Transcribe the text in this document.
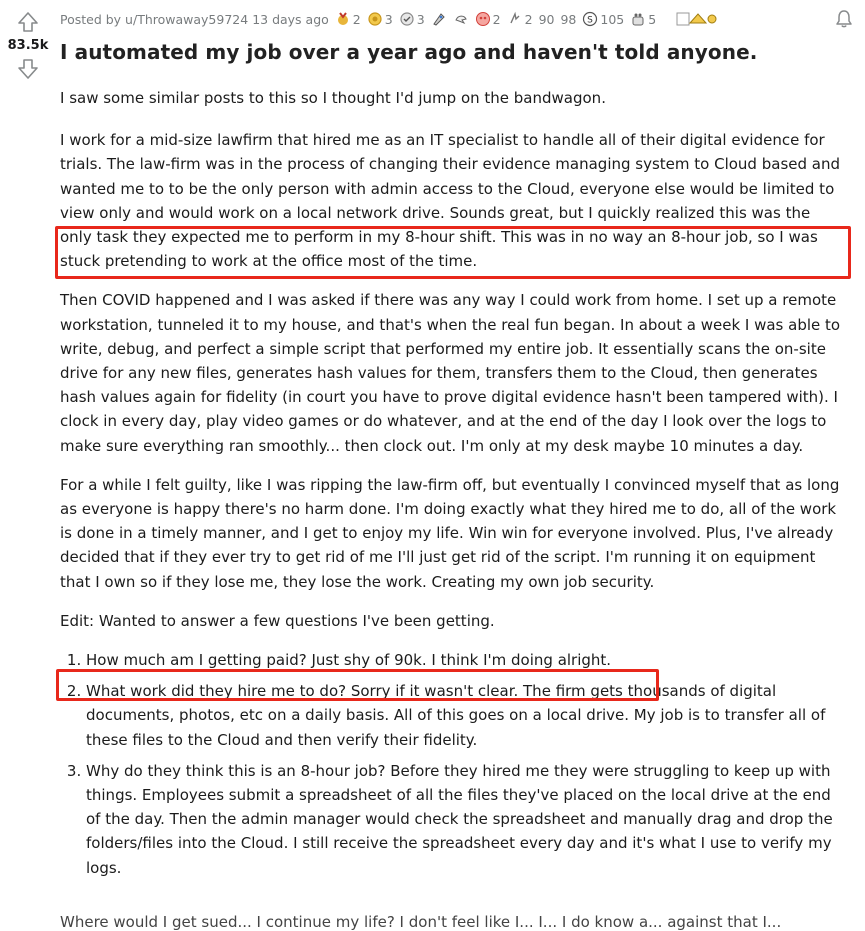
83.5k
Posted by u/Throwaway59724 13 days ago 2 3 3	2 2 90 98 S 105 5
I automated my job over a year ago and haven't told anyone.

I saw some similar posts to this so I thought I'd jump on the bandwagon.

I work for a mid-size lawfirm that hired me as an IT specialist to handle all of their digital evidence for trials. The law-firm was in the process of changing their evidence managing system to Cloud based and wanted me to to be the only person with admin access to the Cloud, everyone else would be limited to view only and would work on a local network drive. Sounds great, but I quickly realized this was the only task they expected me to perform in my 8-hour shift. This was in no way an 8-hour job, so I was stuck pretending to work at the office most of the time.

Then COVID happened and I was asked if there was any way I could work from home. I set up a remote workstation, tunneled it to my house, and that's when the real fun began. In about a week I was able to write, debug, and perfect a simple script that performed my entire job. It essentially scans the on-site drive for any new files, generates hash values for them, transfers them to the Cloud, then generates hash values again for fidelity (in court you have to prove digital evidence hasn't been tampered with). I clock in every day, play video games or do whatever, and at the end of the day I look over the logs to make sure everything ran smoothly... then clock out. I'm only at my desk maybe 10 minutes a day.

For a while I felt guilty, like I was ripping the law-firm off, but eventually I convinced myself that as long as everyone is happy there's no harm done. I'm doing exactly what they hired me to do, all of the work is done in a timely manner, and I get to enjoy my life. Win win for everyone involved. Plus, I've already decided that if they ever try to get rid of me I'll just get rid of the script. I'm running it on equipment that I own so if they lose me, they lose the work. Creating my own job security.

Edit: Wanted to answer a few questions I've been getting.

1. How much am I getting paid? Just shy of 90k. I think I'm doing alright.
2. What work did they hire me to do? Sorry if it wasn't clear. The firm gets thousands of digital documents, photos, etc on a daily basis. All of this goes on a local drive. My job is to transfer all of these files to the Cloud and then verify their fidelity.
3. Why do they think this is an 8-hour job? Before they hired me they were struggling to keep up with things. Employees submit a spreadsheet of all the files they've placed on the local drive at the end of the day. Then the admin manager would check the spreadsheet and manually drag and drop the folders/files into the Cloud. I still receive the spreadsheet every day and it's what I use to verify my logs.
Where would I get sued... I continue my life? I don't feel like I... I... I do know a... against that I...
